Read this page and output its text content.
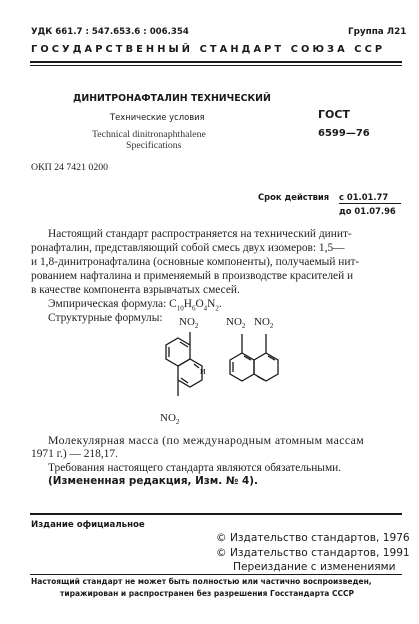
УДК 661.7 : 547.653.6 : 006.354	Группа Л21
ГОСУДАРСТВЕННЫЙ СТАНДАРТ СОЮЗА ССР
ДИНИТРОНАФТАЛИН ТЕХНИЧЕСКИЙ
Технические условия
Technical dinitronaphthalene
Specifications
ГОСТ
6599—76
ОКП 24 7421 0200
Срок действия с 01.01.77
до 01.07.96
Настоящий стандарт распространяется на технический динит-
ронафталин, представляющий собой смесь двух изомеров: 1,5—
и 1,8-динитронафталина (основные компоненты), получаемый нит-
рованием нафталина и применяемый в производстве красителей и
в качестве компонента взрывчатых смесей.
Эмпирическая формула: $C_{10}H_6O_4N_2$.
Структурные формулы: $NO_2$	$NO_2$ $NO_2$
и
$NO_2$
Молекулярная масса (по международным атомным массам
1971 г.) — 218,17.
Требования настоящего стандарта являются обязательными.
(Измененная редакция, Изм. № 4).
Издание официальное
© Издательство стандартов, 1976
© Издательство стандартов, 1991
Переиздание с изменениями
Настоящий стандарт не может быть полностью или частично воспроизведен,
тиражирован и распространен без разрешения Госстандарта СССР
